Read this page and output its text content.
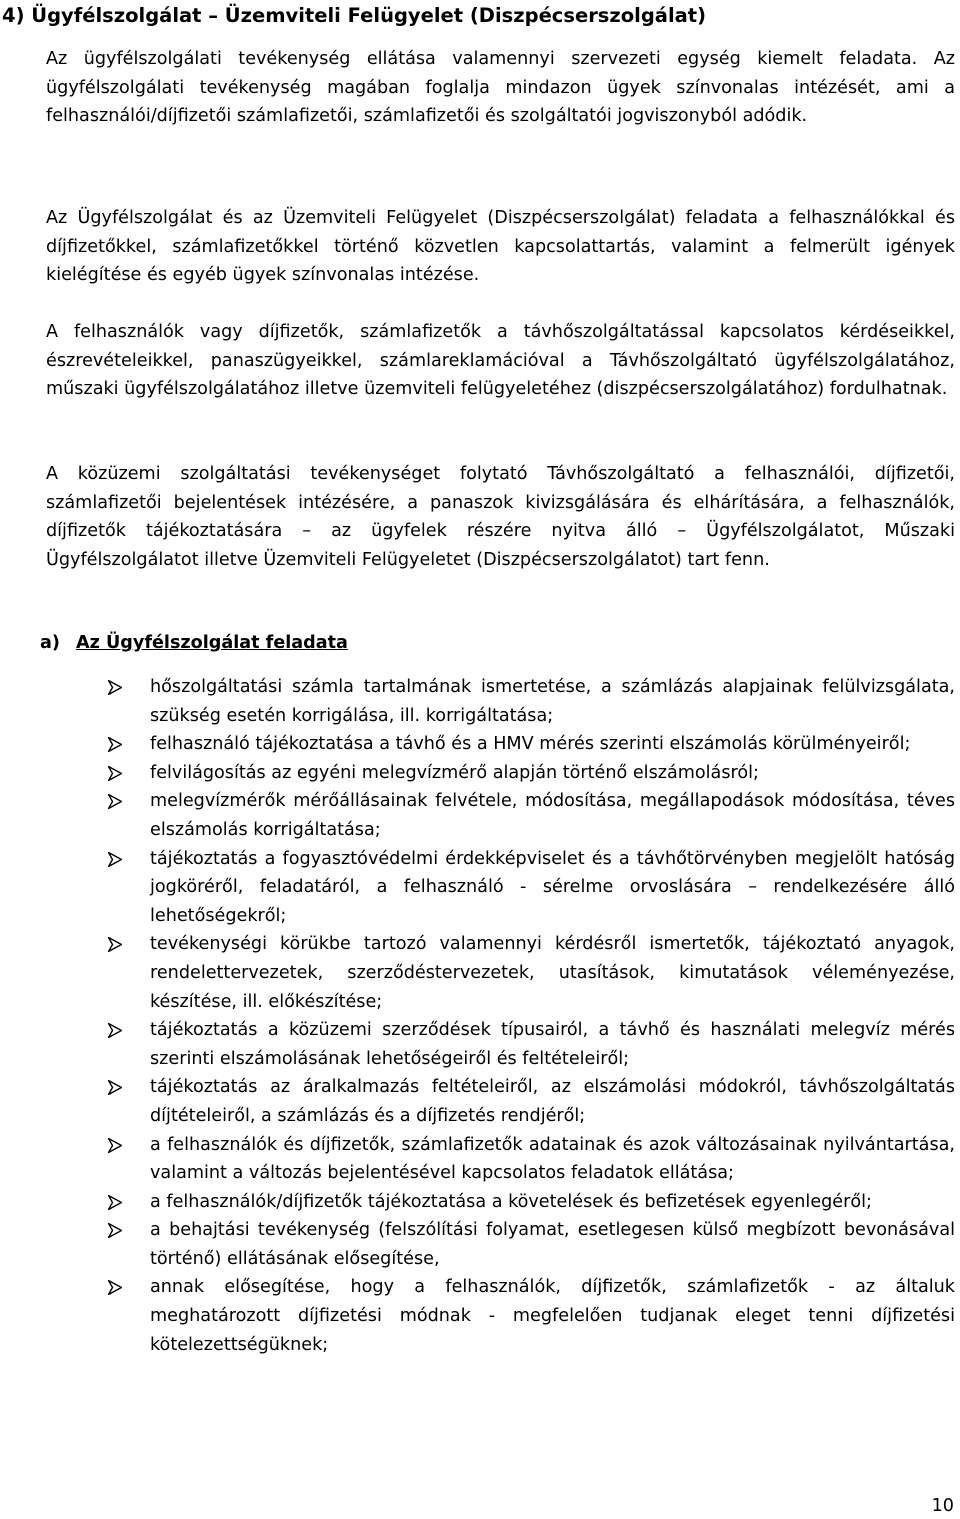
4) Ügyfélszolgálat – Üzemviteli Felügyelet (Diszpécserszolgálat)

Az ügyfélszolgálati tevékenység ellátása valamennyi szervezeti egység kiemelt feladata. Az ügyfélszolgálati tevékenység magában foglalja mindazon ügyek színvonalas intézését, ami a felhasználói/díjfizetői számlafizetői, számlafizetői és szolgáltatói jogviszonyból adódik.

Az Ügyfélszolgálat és az Üzemviteli Felügyelet (Diszpécserszolgálat) feladata a felhasználókkal és díjfizetőkkel, számlafizetőkkel történő közvetlen kapcsolattartás, valamint a felmerült igények kielégítése és egyéb ügyek színvonalas intézése.

A felhasználók vagy díjfizetők, számlafizetők a távhőszolgáltatással kapcsolatos kérdéseikkel, észrevételeikkel, panaszügyeikkel, számlareklamációval a Távhőszolgáltató ügyfélszolgálatához, műszaki ügyfélszolgálatához illetve üzemviteli felügyeletéhez (diszpécserszolgálatához) fordulhatnak.

A közüzemi szolgáltatási tevékenységet folytató Távhőszolgáltató a felhasználói, díjfizetői, számlafizetői bejelentések intézésére, a panaszok kivizsgálására és elhárítására, a felhasználók, díjfizetők tájékoztatására – az ügyfelek részére nyitva álló – Ügyfélszolgálatot, Műszaki Ügyfélszolgálatot illetve Üzemviteli Felügyeletet (Diszpécserszolgálatot) tart fenn.

a) Az Ügyfélszolgálat feladata
hőszolgáltatási számla tartalmának ismertetése, a számlázás alapjainak felülvizsgálata, szükség esetén korrigálása, ill. korrigáltatása;
felhasználó tájékoztatása a távhő és a HMV mérés szerinti elszámolás körülményeiről;
felvilágosítás az egyéni melegvízmérő alapján történő elszámolásról;
melegvízmérők mérőállásainak felvétele, módosítása, megállapodások módosítása, téves elszámolás korrigáltatása;
tájékoztatás a fogyasztóvédelmi érdekképviselet és a távhőtörvényben megjelölt hatóság jogköréről, feladatáról, a felhasználó - sérelme orvoslására – rendelkezésére álló lehetőségekről;
tevékenységi körükbe tartozó valamennyi kérdésről ismertetők, tájékoztató anyagok, rendelettervezetek, szerződéstervezetek, utasítások, kimutatások véleményezése, készítése, ill. előkészítése;
tájékoztatás a közüzemi szerződések típusairól, a távhő és használati melegvíz mérés szerinti elszámolásának lehetőségeiről és feltételeiről;
tájékoztatás az áralkalmazás feltételeiről, az elszámolási módokról, távhőszolgáltatás díjtételeiről, a számlázás és a díjfizetés rendjéről;
a felhasználók és díjfizetők, számlafizetők adatainak és azok változásainak nyilvántartása, valamint a változás bejelentésével kapcsolatos feladatok ellátása;
a felhasználók/díjfizetők tájékoztatása a követelések és befizetések egyenlegéről;
a behajtási tevékenység (felszólítási folyamat, esetlegesen külső megbízott bevonásával történő) ellátásának elősegítése,
annak elősegítése, hogy a felhasználók, díjfizetők, számlafizetők - az általuk meghatározott díjfizetési módnak - megfelelően tudjanak eleget tenni díjfizetési kötelezettségüknek;

10
